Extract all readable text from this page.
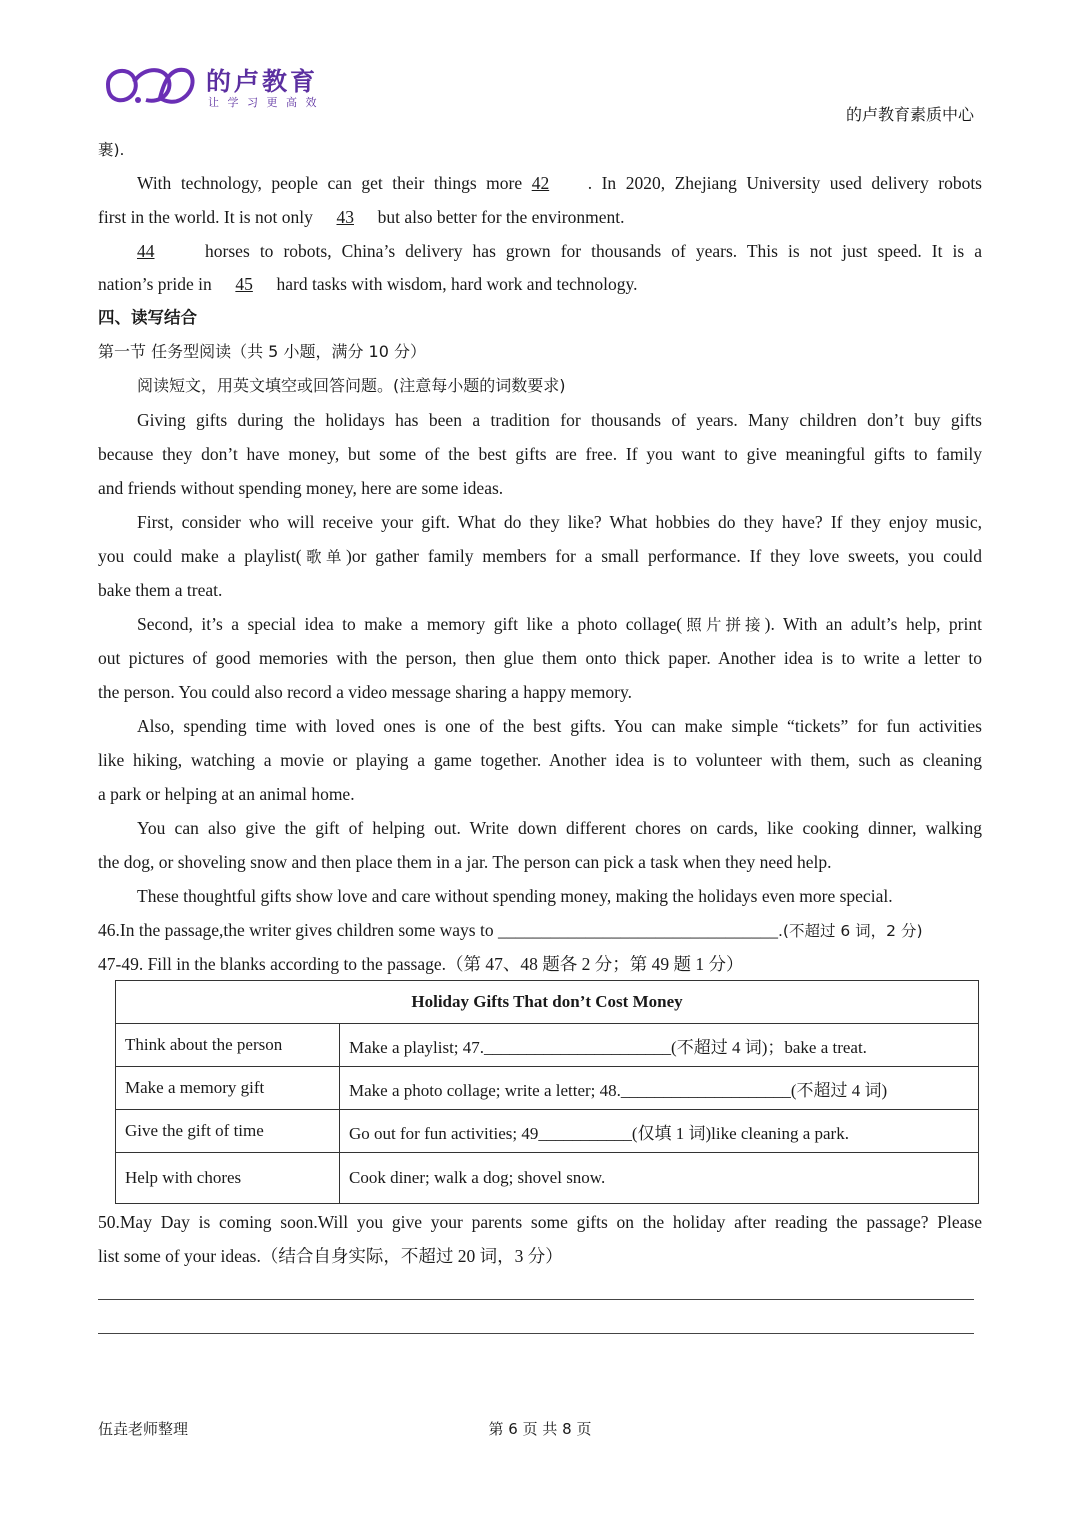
的卢教育
让学习更高效
的卢教育素质中心
裹).
With technology, people can get their things more 42 . In 2020, Zhejiang University used delivery robots
first in the world. It is not only 43 but also better for the environment.
44 horses to robots, China’s delivery has grown for thousands of years. This is not just speed. It is a
nation’s pride in 45 hard tasks with wisdom, hard work and technology.
四、读写结合
第一节 任务型阅读（共 5 小题，满分 10 分）
阅读短文，用英文填空或回答问题。(注意每小题的词数要求)
Giving gifts during the holidays has been a tradition for thousands of years. Many children don’t buy gifts
because they don’t have money, but some of the best gifts are free. If you want to give meaningful gifts to family
and friends without spending money, here are some ideas.
First, consider who will receive your gift. What do they like? What hobbies do they have? If they enjoy music,
you could make a playlist(歌单)or gather family members for a small performance. If they love sweets, you could
bake them a treat.
Second, it’s a special idea to make a memory gift like a photo collage(照片拼接). With an adult’s help, print
out pictures of good memories with the person, then glue them onto thick paper. Another idea is to write a letter to
the person. You could also record a video message sharing a happy memory.
Also, spending time with loved ones is one of the best gifts. You can make simple “tickets” for fun activities
like hiking, watching a movie or playing a game together. Another idea is to volunteer with them, such as cleaning
a park or helping at an animal home.
You can also give the gift of helping out. Write down different chores on cards, like cooking dinner, walking
the dog, or shoveling snow and then place them in a jar. The person can pick a task when they need help.
These thoughtful gifts show love and care without spending money, making the holidays even more special.
46.In the passage,the writer gives children some ways to ________________________________.(不超过 6 词，2 分)
47-49. Fill in the blanks according to the passage.（第 47、48 题各 2 分；第 49 题 1 分）
Holiday Gifts That don’t Cost Money	
Think about the person	Make a playlist; 47.______________________(不超过 4 词)；bake a treat.
Make a memory gift	Make a photo collage; write a letter; 48.____________________(不超过 4 词)
Give the gift of time	Go out for fun activities; 49___________(仅填 1 词)like cleaning a park.
Help with chores	Cook diner; walk a dog; shovel snow.
50.May Day is coming soon.Will you give your parents some gifts on the holiday after reading the passage? Please
list some of your ideas.（结合自身实际，不超过 20 词，3 分）
伍垚老师整理	第 6 页 共 8 页
